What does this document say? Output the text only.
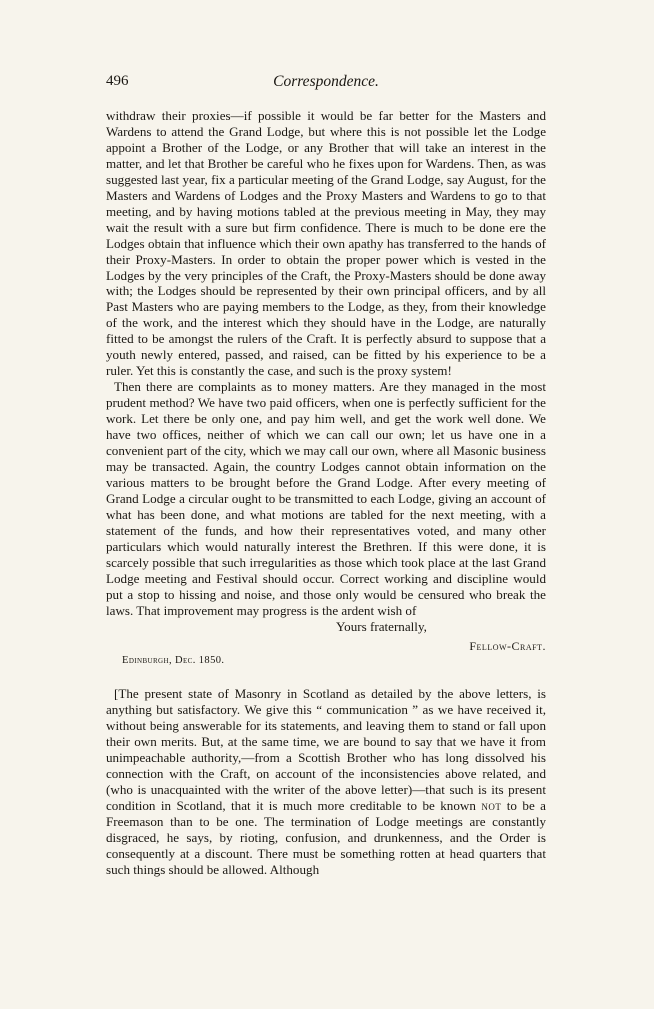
496	Correspondence.

withdraw their proxies—if possible it would be far better for the Masters and Wardens to attend the Grand Lodge, but where this is not possible let the Lodge appoint a Brother of the Lodge, or any Brother that will take an interest in the matter, and let that Brother be careful who he fixes upon for Wardens. Then, as was suggested last year, fix a particular meeting of the Grand Lodge, say August, for the Masters and Wardens of Lodges and the Proxy Masters and Wardens to go to that meeting, and by having motions tabled at the previous meeting in May, they may wait the result with a sure but firm confidence. There is much to be done ere the Lodges obtain that influence which their own apathy has transferred to the hands of their Proxy-Masters. In order to obtain the proper power which is vested in the Lodges by the very principles of the Craft, the Proxy-Masters should be done away with; the Lodges should be represented by their own principal officers, and by all Past Masters who are paying members to the Lodge, as they, from their knowledge of the work, and the interest which they should have in the Lodge, are naturally fitted to be amongst the rulers of the Craft. It is perfectly absurd to suppose that a youth newly entered, passed, and raised, can be fitted by his experience to be a ruler. Yet this is constantly the case, and such is the proxy system!

Then there are complaints as to money matters. Are they managed in the most prudent method? We have two paid officers, when one is perfectly sufficient for the work. Let there be only one, and pay him well, and get the work well done. We have two offices, neither of which we can call our own; let us have one in a convenient part of the city, which we may call our own, where all Masonic business may be transacted. Again, the country Lodges cannot obtain information on the various matters to be brought before the Grand Lodge. After every meeting of Grand Lodge a circular ought to be transmitted to each Lodge, giving an account of what has been done, and what motions are tabled for the next meeting, with a statement of the funds, and how their representatives voted, and many other particulars which would naturally interest the Brethren. If this were done, it is scarcely possible that such irregularities as those which took place at the last Grand Lodge meeting and Festival should occur. Correct working and discipline would put a stop to hissing and noise, and those only would be censured who break the laws. That improvement may progress is the ardent wish of

Yours fraternally,

Fellow-Craft.

Edinburgh, Dec. 1850.

[The present state of Masonry in Scotland as detailed by the above letters, is anything but satisfactory. We give this “ communication ” as we have received it, without being answerable for its statements, and leaving them to stand or fall upon their own merits. But, at the same time, we are bound to say that we have it from unimpeachable authority,—from a Scottish Brother who has long dissolved his connection with the Craft, on account of the inconsistencies above related, and (who is unacquainted with the writer of the above letter)—that such is its present condition in Scotland, that it is much more creditable to be known not to be a Freemason than to be one. The termination of Lodge meetings are constantly disgraced, he says, by rioting, confusion, and drunkenness, and the Order is consequently at a discount. There must be something rotten at head quarters that such things should be allowed. Although
